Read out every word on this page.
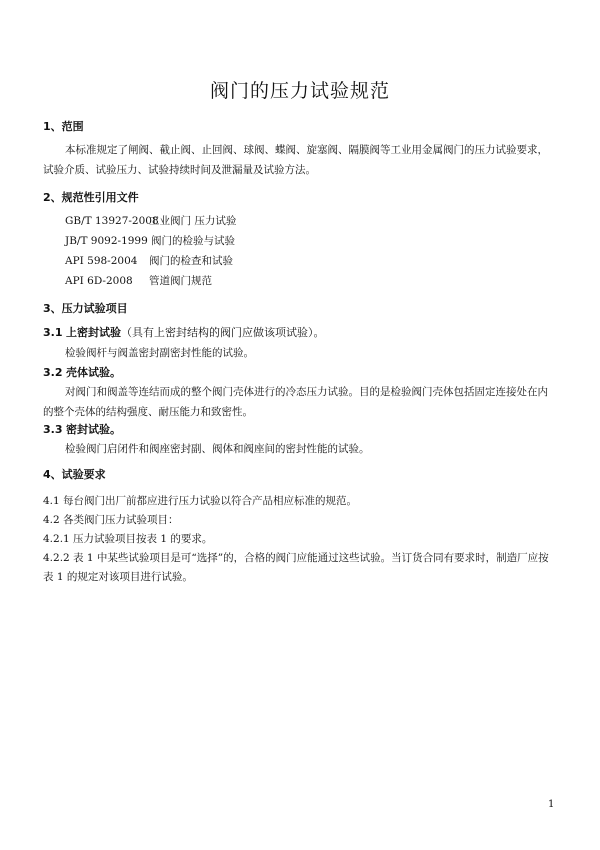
阀门的压力试验规范
1、范围
本标准规定了闸阀、截止阀、止回阀、球阀、蝶阀、旋塞阀、隔膜阀等工业用金属阀门的压力试验要求，
试验介质、试验压力、试验持续时间及泄漏量及试验方法。
2、规范性引用文件
GB/T 13927-2008工业阀门 压力试验
JB/T 9092-1999 阀门的检验与试验
API 598-2004 阀门的检查和试验
API 6D-2008 管道阀门规范
3、压力试验项目
3.1 上密封试验（具有上密封结构的阀门应做该项试验）。
检验阀杆与阀盖密封副密封性能的试验。
3.2 壳体试验。
对阀门和阀盖等连结而成的整个阀门壳体进行的冷态压力试验。目的是检验阀门壳体包括固定连接处在内
的整个壳体的结构强度、耐压能力和致密性。
3.3 密封试验。
检验阀门启闭件和阀座密封副、阀体和阀座间的密封性能的试验。
4、试验要求
4.1 每台阀门出厂前都应进行压力试验以符合产品相应标准的规范。
4.2 各类阀门压力试验项目：
4.2.1 压力试验项目按表 1 的要求。
4.2.2 表 1 中某些试验项目是可“选择”的，合格的阀门应能通过这些试验。当订货合同有要求时，制造厂应按
表 1 的规定对该项目进行试验。
1
